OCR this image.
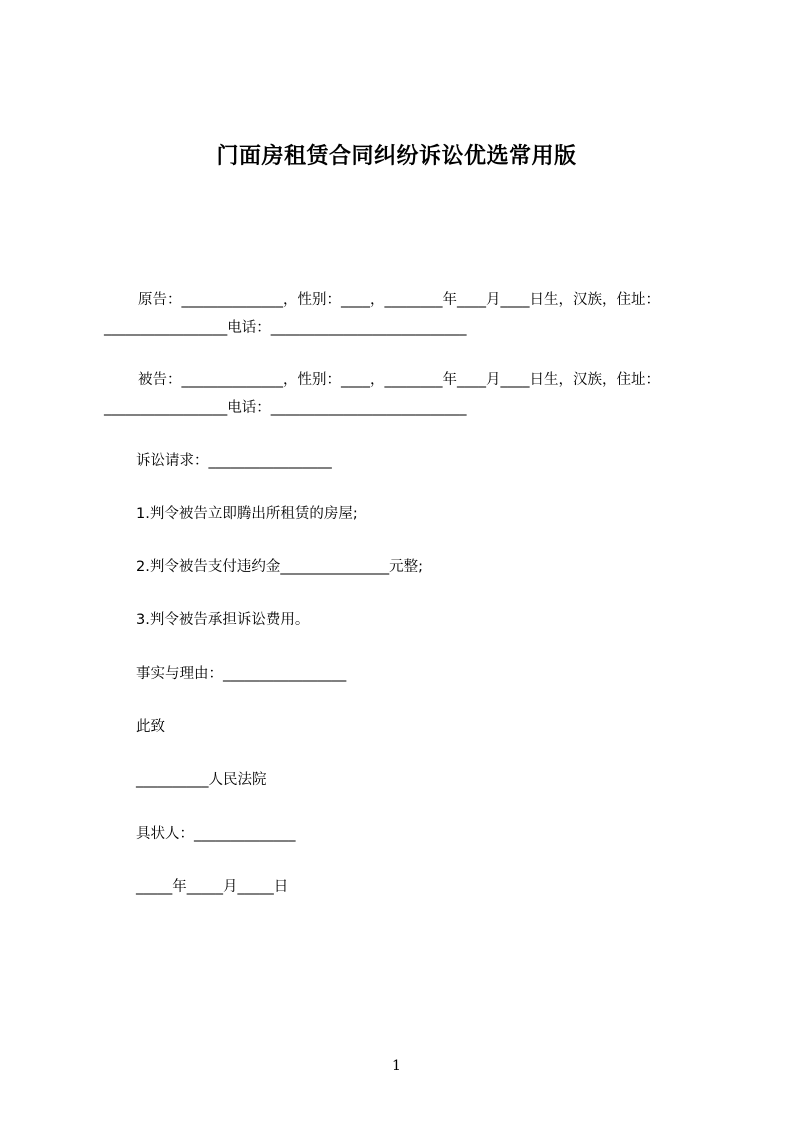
门面房租赁合同纠纷诉讼优选常用版

原告：______________，性别：____，________年____月____日生，汉族，住址：

_________________电话：___________________________

被告：______________，性别：____，________年____月____日生，汉族，住址：

_________________电话：___________________________

诉讼请求：_________________

1.判令被告立即腾出所租赁的房屋;

2.判令被告支付违约金_______________元整;

3.判令被告承担诉讼费用。

事实与理由：_________________

此致

__________人民法院

具状人：______________

_____年_____月_____日

1
